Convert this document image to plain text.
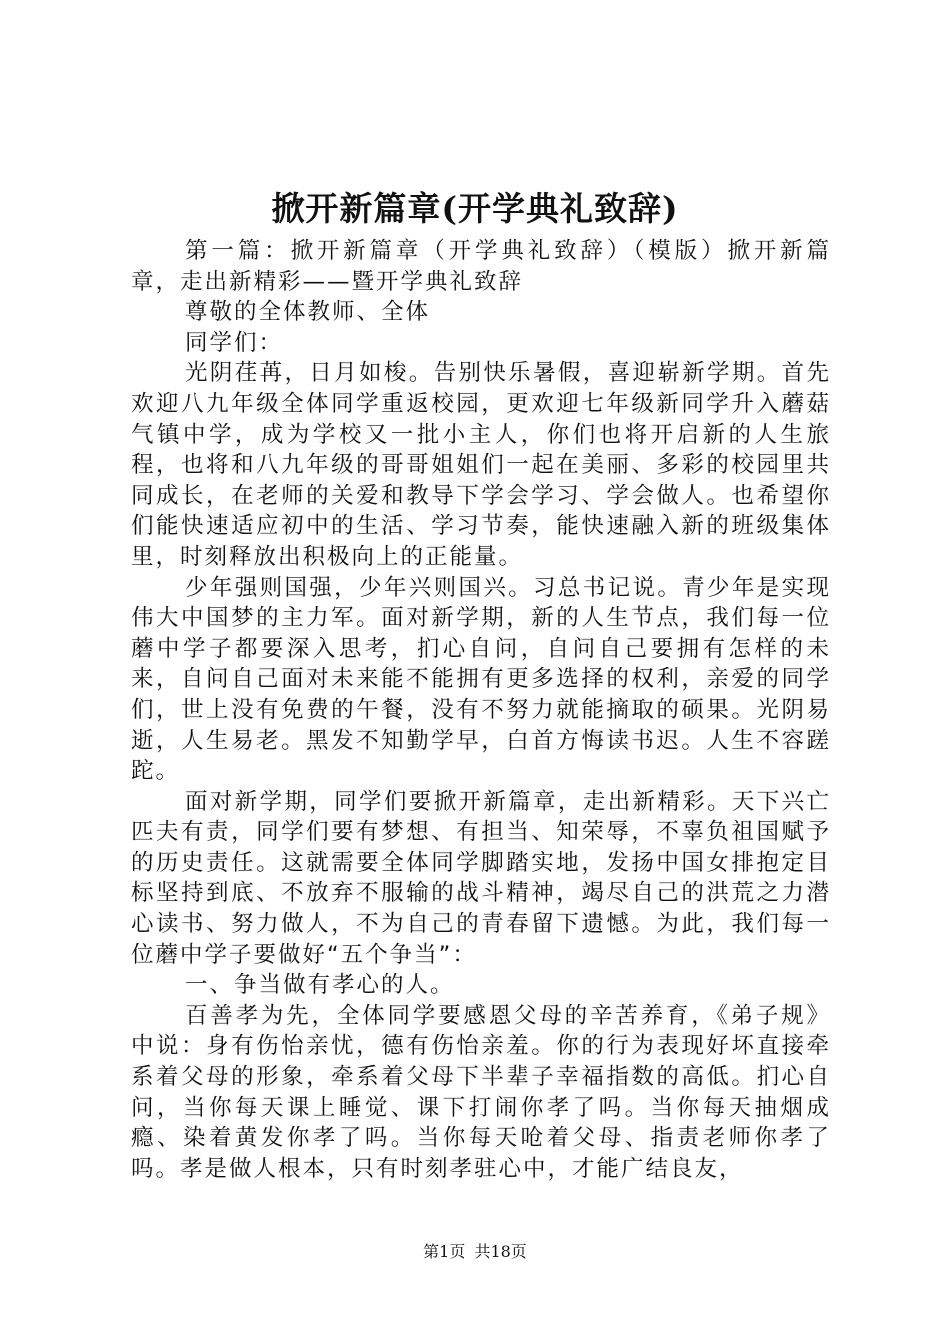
掀开新篇章(开学典礼致辞)

第一篇：掀开新篇章（开学典礼致辞）（模版）掀开新篇章，走出新精彩——暨开学典礼致辞

尊敬的全体教师、全体

同学们：

光阴荏苒，日月如梭。告别快乐暑假，喜迎崭新学期。首先欢迎八九年级全体同学重返校园，更欢迎七年级新同学升入蘑菇气镇中学，成为学校又一批小主人，你们也将开启新的人生旅程，也将和八九年级的哥哥姐姐们一起在美丽、多彩的校园里共同成长，在老师的关爱和教导下学会学习、学会做人。也希望你们能快速适应初中的生活、学习节奏，能快速融入新的班级集体里，时刻释放出积极向上的正能量。

少年强则国强，少年兴则国兴。习总书记说。青少年是实现伟大中国梦的主力军。面对新学期，新的人生节点，我们每一位蘑中学子都要深入思考，扪心自问，自问自己要拥有怎样的未来，自问自己面对未来能不能拥有更多选择的权利，亲爱的同学们，世上没有免费的午餐，没有不努力就能摘取的硕果。光阴易逝，人生易老。黑发不知勤学早，白首方悔读书迟。人生不容蹉跎。

面对新学期，同学们要掀开新篇章，走出新精彩。天下兴亡匹夫有责，同学们要有梦想、有担当、知荣辱，不辜负祖国赋予的历史责任。这就需要全体同学脚踏实地，发扬中国女排抱定目标坚持到底、不放弃不服输的战斗精神，竭尽自己的洪荒之力潜心读书、努力做人，不为自己的青春留下遗憾。为此，我们每一位蘑中学子要做好“五个争当”：

一、争当做有孝心的人。

百善孝为先，全体同学要感恩父母的辛苦养育，《弟子规》中说：身有伤怡亲忧，德有伤怡亲羞。你的行为表现好坏直接牵系着父母的形象，牵系着父母下半辈子幸福指数的高低。扪心自问，当你每天课上睡觉、课下打闹你孝了吗。当你每天抽烟成瘾、染着黄发你孝了吗。当你每天呛着父母、指责老师你孝了吗。孝是做人根本，只有时刻孝驻心中，才能广结良友，

第1页 共18页
